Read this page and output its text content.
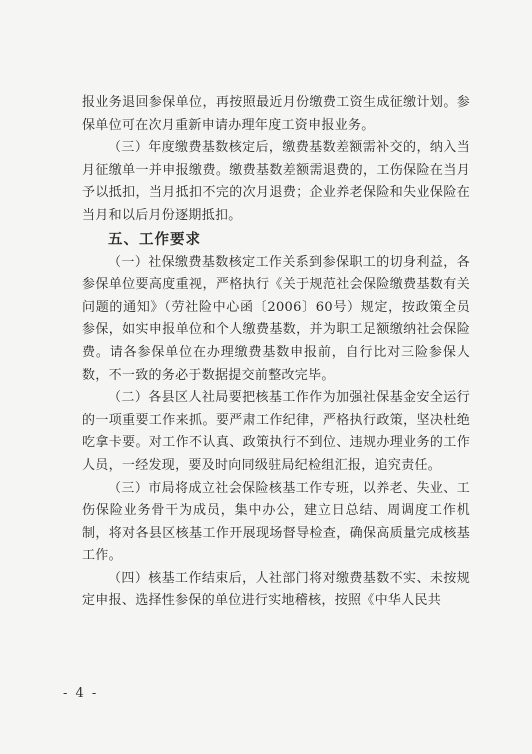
报业务退回参保单位，再按照最近月份缴费工资生成征缴计划。参保单位可在次月重新申请办理年度工资申报业务。

（三）年度缴费基数核定后，缴费基数差额需补交的，纳入当月征缴单一并申报缴费。缴费基数差额需退费的，工伤保险在当月予以抵扣，当月抵扣不完的次月退费；企业养老保险和失业保险在当月和以后月份逐期抵扣。

五、工作要求

（一）社保缴费基数核定工作关系到参保职工的切身利益，各参保单位要高度重视，严格执行《关于规范社会保险缴费基数有关问题的通知》（劳社险中心函〔2006〕60号）规定，按政策全员参保，如实申报单位和个人缴费基数，并为职工足额缴纳社会保险费。请各参保单位在办理缴费基数申报前，自行比对三险参保人数，不一致的务必于数据提交前整改完毕。

（二）各县区人社局要把核基工作作为加强社保基金安全运行的一项重要工作来抓。要严肃工作纪律，严格执行政策，坚决杜绝吃拿卡要。对工作不认真、政策执行不到位、违规办理业务的工作人员，一经发现，要及时向同级驻局纪检组汇报，追究责任。

（三）市局将成立社会保险核基工作专班，以养老、失业、工伤保险业务骨干为成员，集中办公，建立日总结、周调度工作机制，将对各县区核基工作开展现场督导检查，确保高质量完成核基工作。

（四）核基工作结束后，人社部门将对缴费基数不实、未按规定申报、选择性参保的单位进行实地稽核，按照《中华人民共

- 4 -
